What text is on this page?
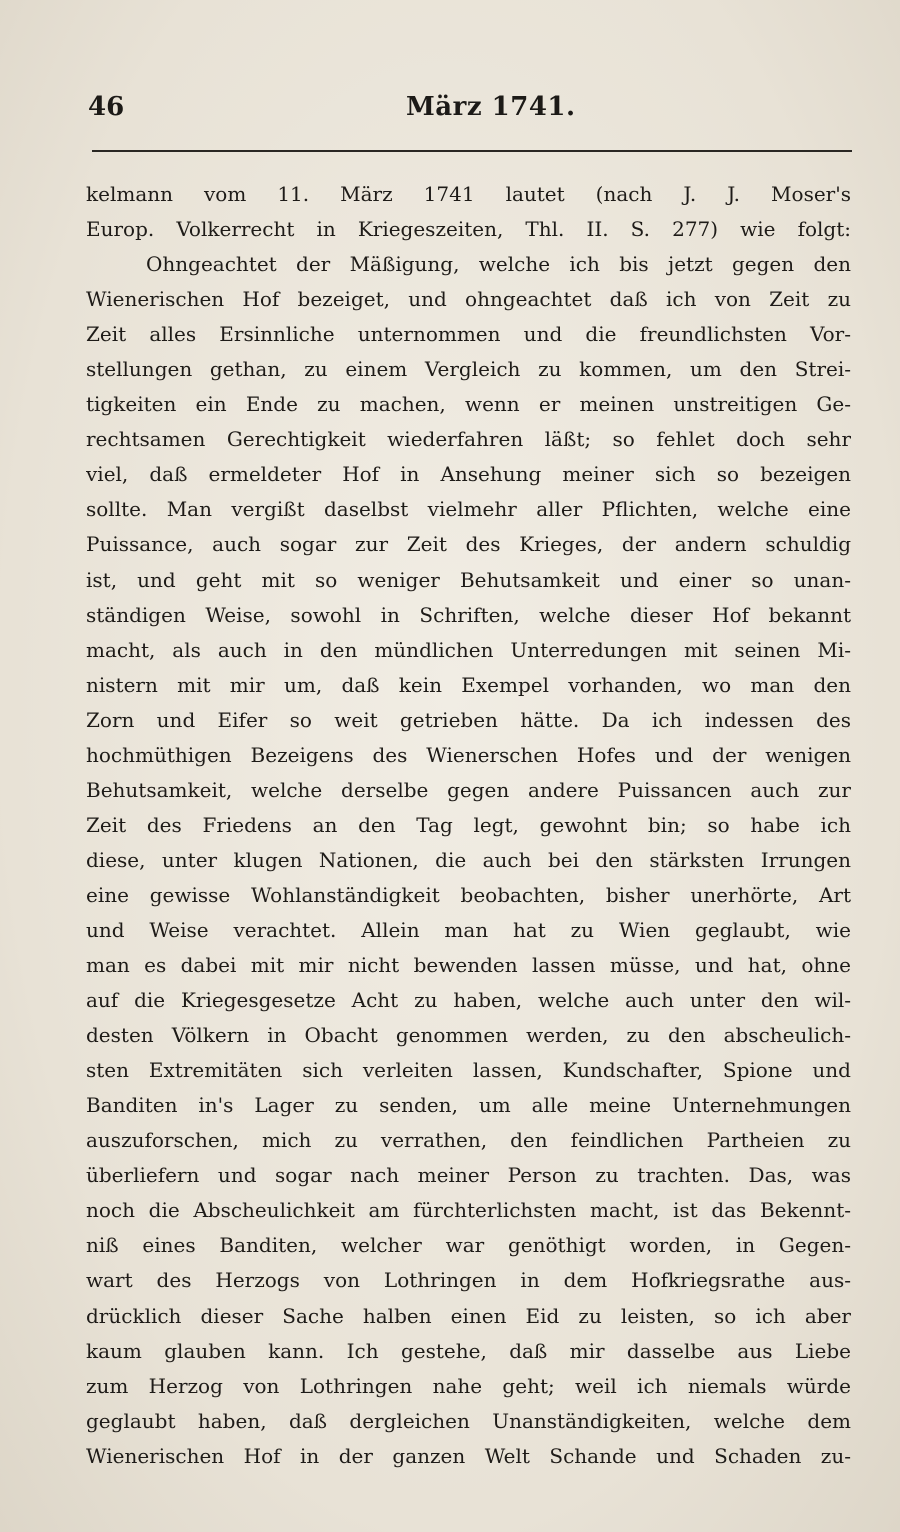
46	März 1741.
kelmann vom 11. März 1741 lautet (nach J. J. Moser's
Europ. Volkerrecht in Kriegeszeiten, Thl. II. S. 277) wie folgt:
Ohngeachtet der Mäßigung, welche ich bis jetzt gegen den
Wienerischen Hof bezeiget, und ohngeachtet daß ich von Zeit zu
Zeit alles Ersinnliche unternommen und die freundlichsten Vor-
stellungen gethan, zu einem Vergleich zu kommen, um den Strei-
tigkeiten ein Ende zu machen, wenn er meinen unstreitigen Ge-
rechtsamen Gerechtigkeit wiederfahren läßt; so fehlet doch sehr
viel, daß ermeldeter Hof in Ansehung meiner sich so bezeigen
sollte. Man vergißt daselbst vielmehr aller Pflichten, welche eine
Puissance, auch sogar zur Zeit des Krieges, der andern schuldig
ist, und geht mit so weniger Behutsamkeit und einer so unan-
ständigen Weise, sowohl in Schriften, welche dieser Hof bekannt
macht, als auch in den mündlichen Unterredungen mit seinen Mi-
nistern mit mir um, daß kein Exempel vorhanden, wo man den
Zorn und Eifer so weit getrieben hätte. Da ich indessen des
hochmüthigen Bezeigens des Wienerschen Hofes und der wenigen
Behutsamkeit, welche derselbe gegen andere Puissancen auch zur
Zeit des Friedens an den Tag legt, gewohnt bin; so habe ich
diese, unter klugen Nationen, die auch bei den stärksten Irrungen
eine gewisse Wohlanständigkeit beobachten, bisher unerhörte, Art
und Weise verachtet. Allein man hat zu Wien geglaubt, wie
man es dabei mit mir nicht bewenden lassen müsse, und hat, ohne
auf die Kriegesgesetze Acht zu haben, welche auch unter den wil-
desten Völkern in Obacht genommen werden, zu den abscheulich-
sten Extremitäten sich verleiten lassen, Kundschafter, Spione und
Banditen in's Lager zu senden, um alle meine Unternehmungen
auszuforschen, mich zu verrathen, den feindlichen Partheien zu
überliefern und sogar nach meiner Person zu trachten. Das, was
noch die Abscheulichkeit am fürchterlichsten macht, ist das Bekennt-
niß eines Banditen, welcher war genöthigt worden, in Gegen-
wart des Herzogs von Lothringen in dem Hofkriegsrathe aus-
drücklich dieser Sache halben einen Eid zu leisten, so ich aber
kaum glauben kann. Ich gestehe, daß mir dasselbe aus Liebe
zum Herzog von Lothringen nahe geht; weil ich niemals würde
geglaubt haben, daß dergleichen Unanständigkeiten, welche dem
Wienerischen Hof in der ganzen Welt Schande und Schaden zu-
